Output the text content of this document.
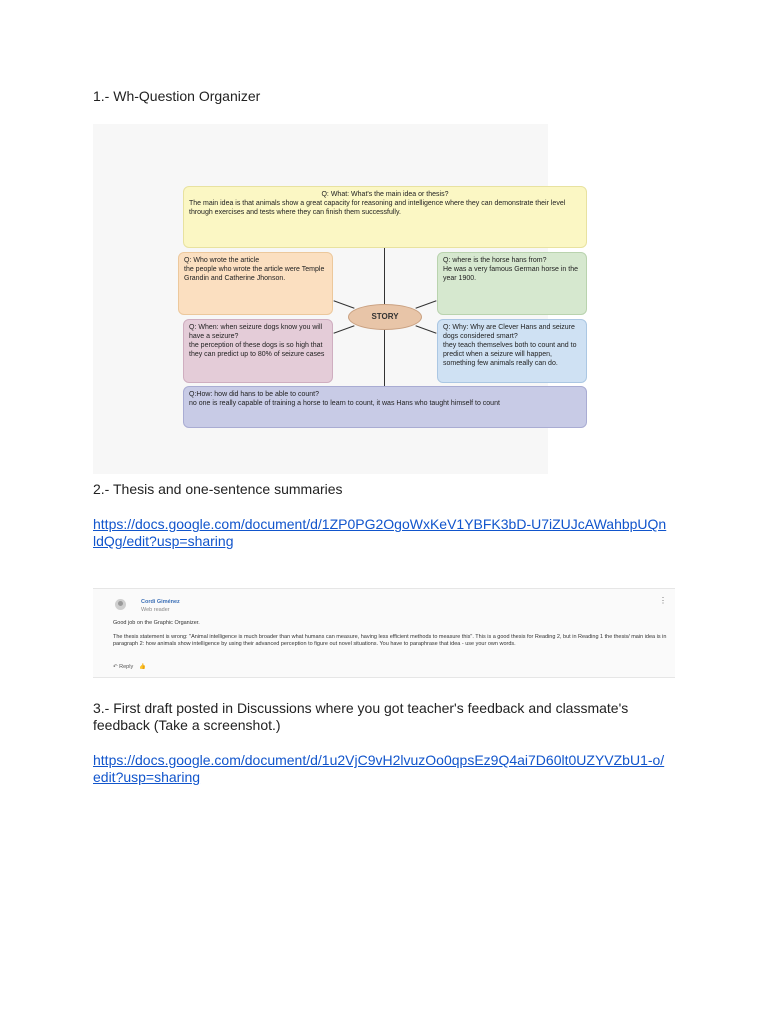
1.- Wh-Question Organizer
Q: What: What's the main idea or thesis?
The main idea is that animals show a great capacity for reasoning and intelligence where they can demonstrate their level through exercises and tests where they can finish them successfully.
Q: Who wrote the article
the people who wrote the article were Temple Grandin and Catherine Jhonson.
Q: where is the horse hans from?
He was a very famous German horse in the year 1900.
STORY
Q: When: when seizure dogs know you will have a seizure?
the perception of these dogs is so high that they can predict up to 80% of seizure cases
Q: Why: Why are Clever Hans and seizure dogs considered smart?
they teach themselves both to count and to predict when a seizure will happen, something few animals really can do.
Q:How: how did hans to be able to count?
no one is really capable of training a horse to learn to count, it was Hans who taught himself to count
2.- Thesis and one-sentence summaries
https://docs.google.com/document/d/1ZP0PG2OgoWxKeV1YBFK3bD-U7iZUJcAWahbpUQn
ldQg/edit?usp=sharing
Cordi Giménez
Web reader
⋮
Good job on the Graphic Organizer.
The thesis statement is wrong: "Animal intelligence is much broader than what humans can measure, having less efficient methods to measure this". This is a good thesis for Reading 2, but in Reading 1 the thesis/ main idea is in paragraph 2: how animals show intelligence by using their advanced perception to figure out novel situations. You have to paraphrase that idea - use your own words.
↶ Reply 👍
3.- First draft posted in Discussions where you got teacher's feedback and classmate's
feedback (Take a screenshot.)
https://docs.google.com/document/d/1u2VjC9vH2lvuzOo0qpsEz9Q4ai7D60lt0UZYVZbU1-o/
edit?usp=sharing
